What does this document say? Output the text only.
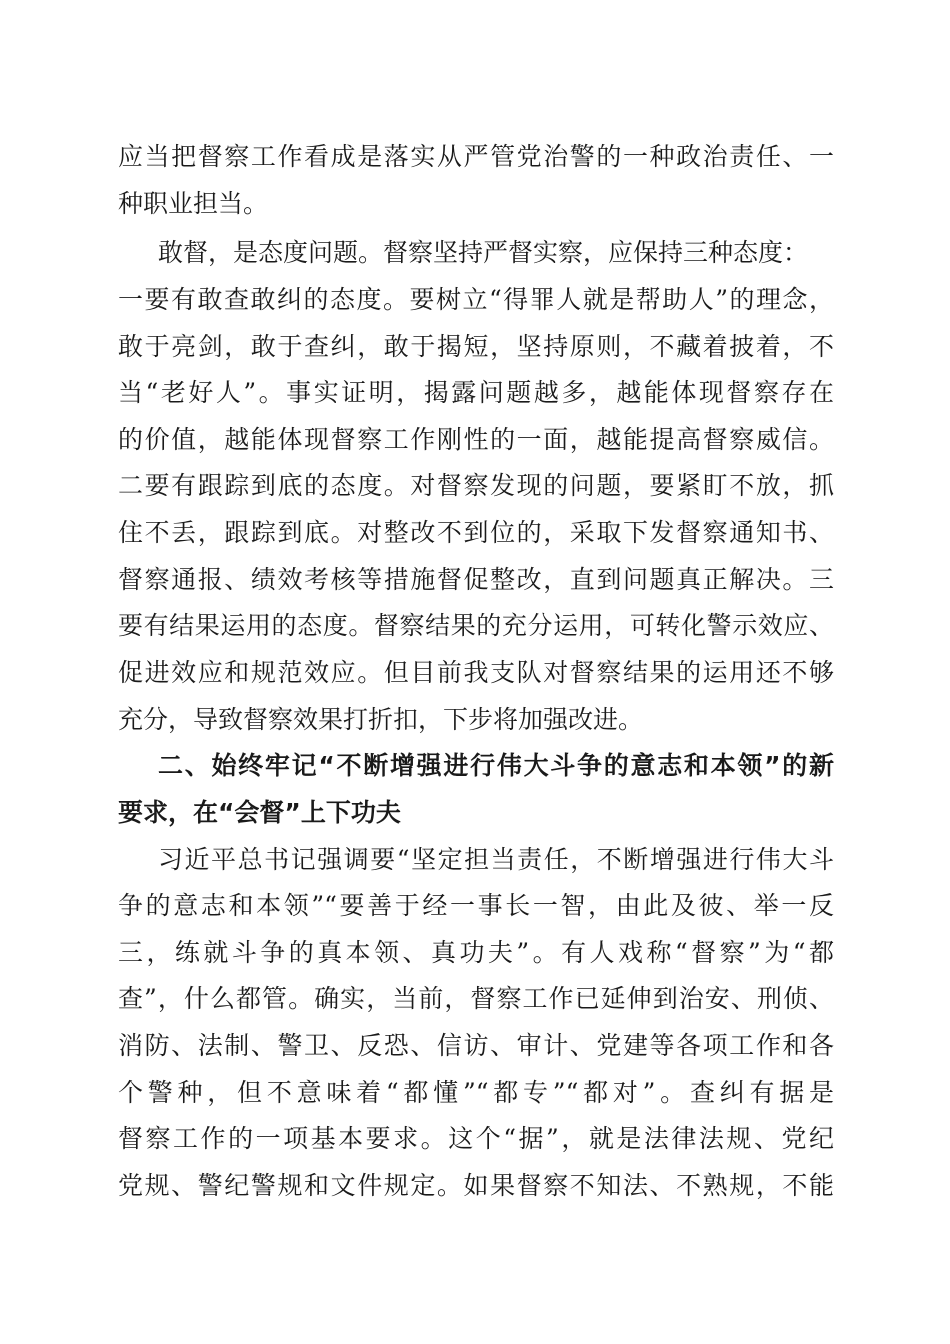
应当把督察工作看成是落实从严管党治警的一种政治责任、一
种职业担当。
敢督，是态度问题。督察坚持严督实察，应保持三种态度：
一要有敢查敢纠的态度。要树立“得罪人就是帮助人”的理念，
敢于亮剑，敢于查纠，敢于揭短，坚持原则，不藏着披着，不
当“老好人”。事实证明，揭露问题越多，越能体现督察存在
的价值，越能体现督察工作刚性的一面，越能提高督察威信。
二要有跟踪到底的态度。对督察发现的问题，要紧盯不放，抓
住不丢，跟踪到底。对整改不到位的，采取下发督察通知书、
督察通报、绩效考核等措施督促整改，直到问题真正解决。三
要有结果运用的态度。督察结果的充分运用，可转化警示效应、
促进效应和规范效应。但目前我支队对督察结果的运用还不够
充分，导致督察效果打折扣，下步将加强改进。
二、始终牢记“不断增强进行伟大斗争的意志和本领”的新
要求，在“会督”上下功夫
习近平总书记强调要“坚定担当责任，不断增强进行伟大斗
争的意志和本领”“要善于经一事长一智，由此及彼、举一反
三，练就斗争的真本领、真功夫”。有人戏称“督察”为“都
查”，什么都管。确实，当前，督察工作已延伸到治安、刑侦、
消防、法制、警卫、反恐、信访、审计、党建等各项工作和各
个警种，但不意味着“都懂”“都专”“都对”。查纠有据是
督察工作的一项基本要求。这个“据”，就是法律法规、党纪
党规、警纪警规和文件规定。如果督察不知法、不熟规，不能
